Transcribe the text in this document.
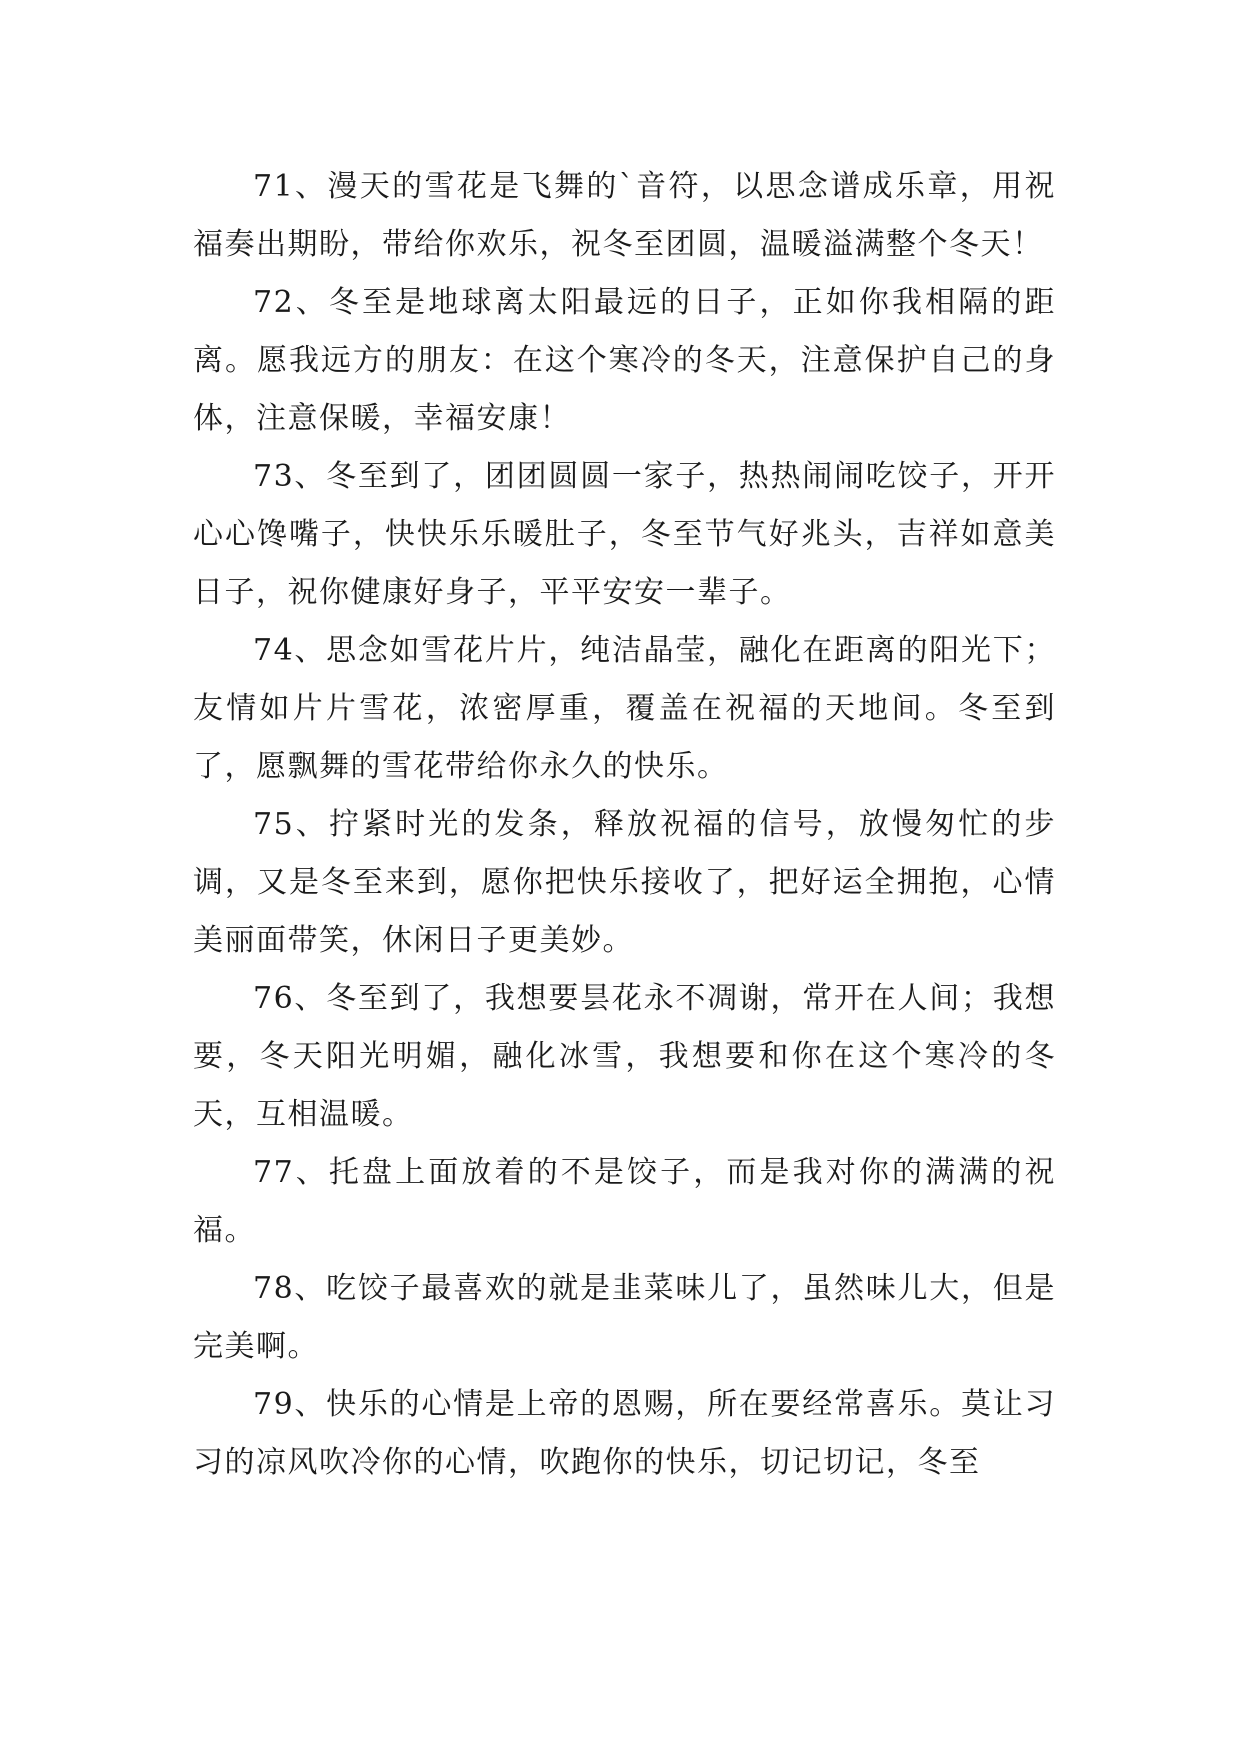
71、漫天的雪花是飞舞的`音符，以思念谱成乐章，用祝福奏出期盼，带给你欢乐，祝冬至团圆，温暖溢满整个冬天！

72、冬至是地球离太阳最远的日子，正如你我相隔的距离。愿我远方的朋友：在这个寒冷的冬天，注意保护自己的身体，注意保暖，幸福安康！

73、冬至到了，团团圆圆一家子，热热闹闹吃饺子，开开心心馋嘴子，快快乐乐暖肚子，冬至节气好兆头，吉祥如意美日子，祝你健康好身子，平平安安一辈子。

74、思念如雪花片片，纯洁晶莹，融化在距离的阳光下；友情如片片雪花，浓密厚重，覆盖在祝福的天地间。冬至到了，愿飘舞的雪花带给你永久的快乐。

75、拧紧时光的发条，释放祝福的信号，放慢匆忙的步调，又是冬至来到，愿你把快乐接收了，把好运全拥抱，心情美丽面带笑，休闲日子更美妙。

76、冬至到了，我想要昙花永不凋谢，常开在人间；我想要，冬天阳光明媚，融化冰雪，我想要和你在这个寒冷的冬天，互相温暖。

77、托盘上面放着的不是饺子，而是我对你的满满的祝福。

78、吃饺子最喜欢的就是韭菜味儿了，虽然味儿大，但是完美啊。

79、快乐的心情是上帝的恩赐，所在要经常喜乐。莫让习习的凉风吹冷你的心情，吹跑你的快乐，切记切记，冬至
